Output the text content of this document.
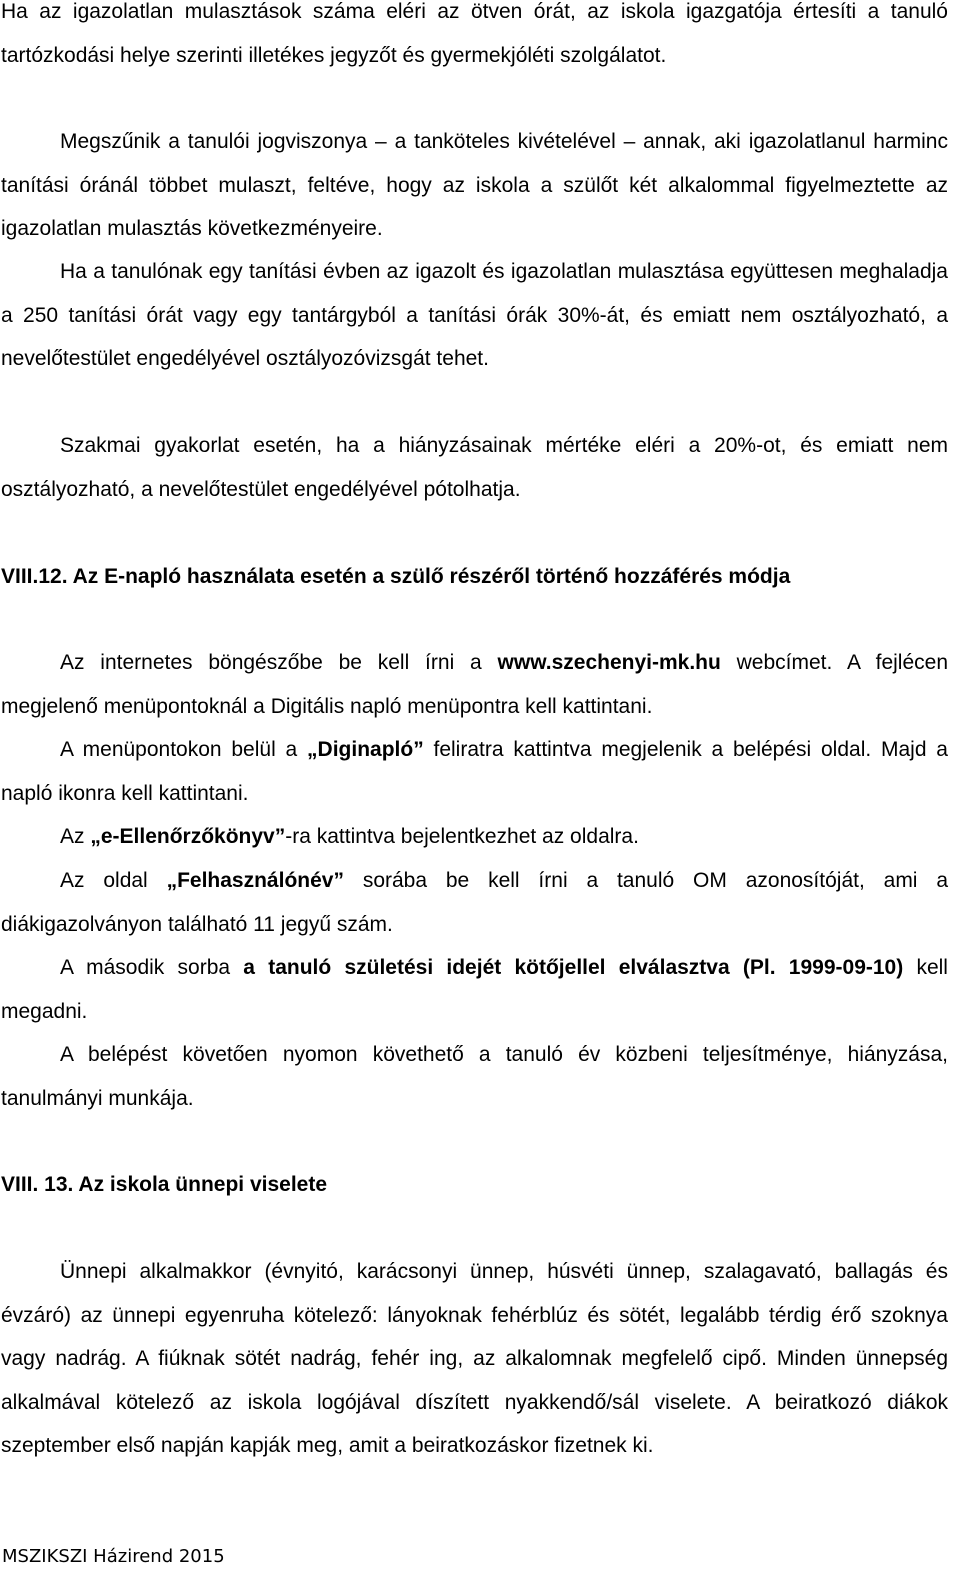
Ha az igazolatlan mulasztások száma eléri az ötven órát, az iskola igazgatója értesíti a tanuló tartózkodási helye szerinti illetékes jegyzőt és gyermekjóléti szolgálatot.
Megszűnik a tanulói jogviszonya – a tanköteles kivételével – annak, aki igazolatlanul harminc tanítási óránál többet mulaszt, feltéve, hogy az iskola a szülőt két alkalommal figyelmeztette az igazolatlan mulasztás következményeire.
Ha a tanulónak egy tanítási évben az igazolt és igazolatlan mulasztása együttesen meghaladja a 250 tanítási órát vagy egy tantárgyból a tanítási órák 30%-át, és emiatt nem osztályozható, a nevelőtestület engedélyével osztályozóvizsgát tehet.
Szakmai gyakorlat esetén, ha a hiányzásainak mértéke eléri a 20%-ot, és emiatt nem osztályozható, a nevelőtestület engedélyével pótolhatja.
VIII.12. Az E-napló használata esetén a szülő részéről történő hozzáférés módja
Az internetes böngészőbe be kell írni a www.szechenyi-mk.hu webcímet. A fejlécen megjelenő menüpontoknál a Digitális napló menüpontra kell kattintani.
A menüpontokon belül a „Diginapló” feliratra kattintva megjelenik a belépési oldal. Majd a napló ikonra kell kattintani.
Az „e-Ellenőrzőkönyv”-ra kattintva bejelentkezhet az oldalra.
Az oldal „Felhasználónév” sorába be kell írni a tanuló OM azonosítóját, ami a diákigazolványon található 11 jegyű szám.
A második sorba a tanuló születési idejét kötőjellel elválasztva (Pl. 1999-09-10) kell megadni.
A belépést követően nyomon követhető a tanuló év közbeni teljesítménye, hiányzása, tanulmányi munkája.
VIII. 13. Az iskola ünnepi viselete
Ünnepi alkalmakkor (évnyitó, karácsonyi ünnep, húsvéti ünnep, szalagavató, ballagás és évzáró) az ünnepi egyenruha kötelező: lányoknak fehérblúz és sötét, legalább térdig érő szoknya vagy nadrág. A fiúknak sötét nadrág, fehér ing, az alkalomnak megfelelő cipő. Minden ünnepség alkalmával kötelező az iskola logójával díszített nyakkendő/sál viselete. A beiratkozó diákok szeptember első napján kapják meg, amit a beiratkozáskor fizetnek ki.
MSZIKSZI Házirend 2015
